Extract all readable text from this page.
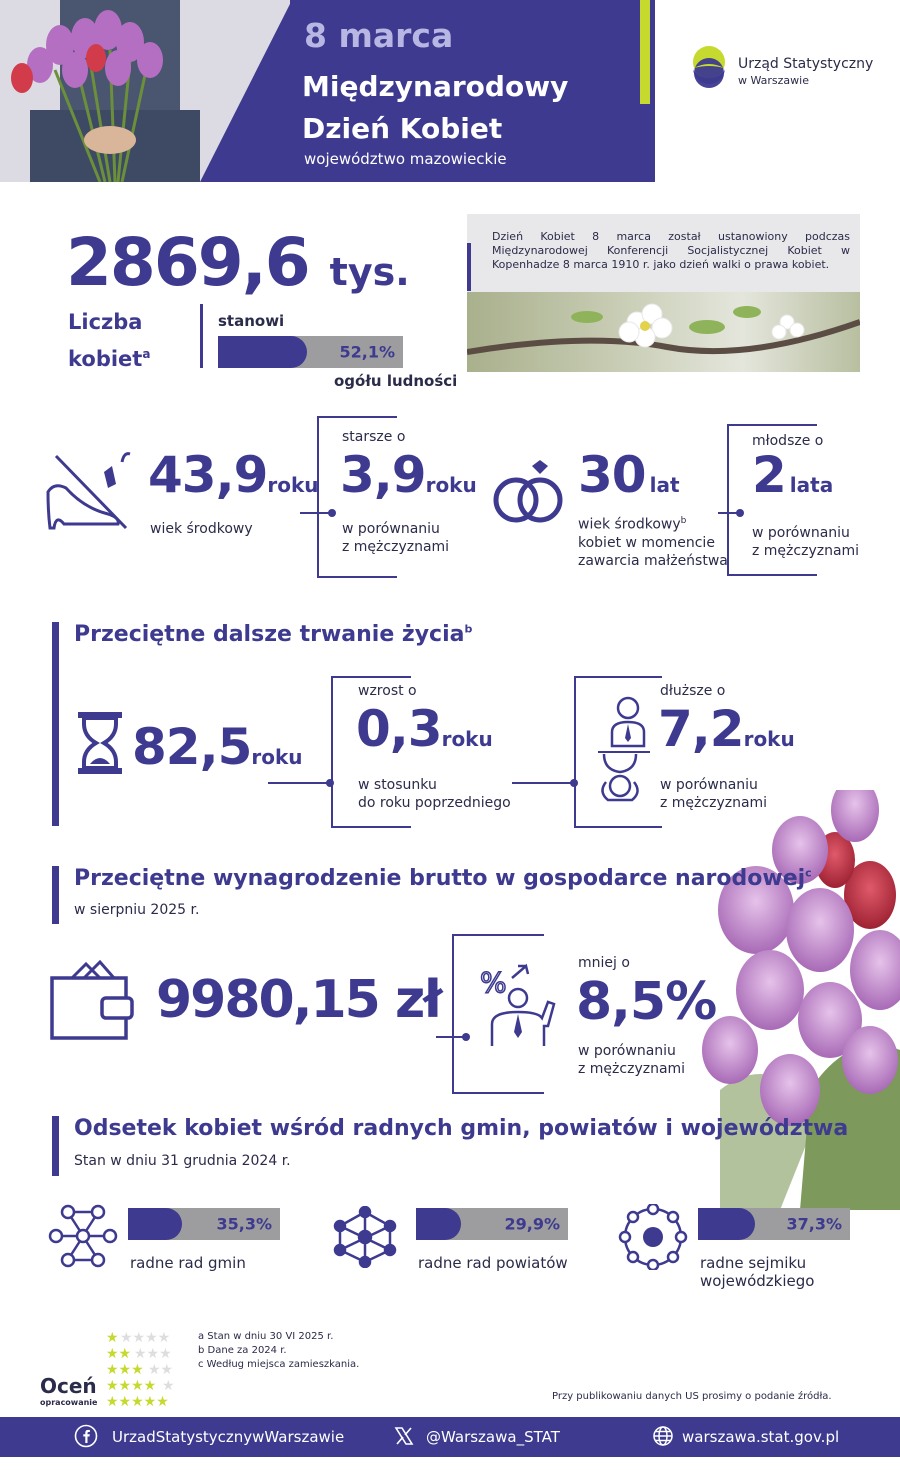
8 marca
Międzynarodowy
Dzień Kobiet
województwo mazowieckie
Urząd Statystyczny
w Warszawie
2869,6 tys.
Liczba
kobiet$^a$
stanowi
52,1%
ogółu ludności
Dzień Kobiet 8 marca został ustanowiony podczas Międzynarodowej Konferencji Socjalistycznej Kobiet w Kopenhadze 8 marca 1910 r. jako dzień walki o prawa kobiet.
43,9roku
wiek środkowy
starsze o
3,9roku
w porównaniu
z mężczyznami
30 lat
wiek środkowy$^b$
kobiet w momencie
zawarcia małżeństwa
młodsze o
2 lata
w porównaniu
z mężczyznami
Przeciętne dalsze trwanie życia$^b$
82,5roku
wzrost o
0,3roku
w stosunku
do roku poprzedniego
dłuższe o
7,2roku
w porównaniu
z mężczyznami
Przeciętne wynagrodzenie brutto w gospodarce narodowej$^c$
w sierpniu 2025 r.
9980,15 zł %
mniej o
8,5%
w porównaniu
z mężczyznami
Odsetek kobiet wśród radnych gmin, powiatów i województwa
Stan w dniu 31 grudnia 2024 r.
35,3%
radne rad gmin
29,9%
radne rad powiatów
37,3%
radne sejmiku
wojewódzkiego
★ ★★★★
★★ ★★★
★★★ ★★
★★★★ ★
★★★★★
Oceń
opracowanie
a Stan w dniu 30 VI 2025 r.
b Dane za 2024 r.
c Według miejsca zamieszkania.
Przy publikowaniu danych US prosimy o podanie źródła.
UrzadStatystycznywWarszawie	@Warszawa_STAT	warszawa.stat.gov.pl
